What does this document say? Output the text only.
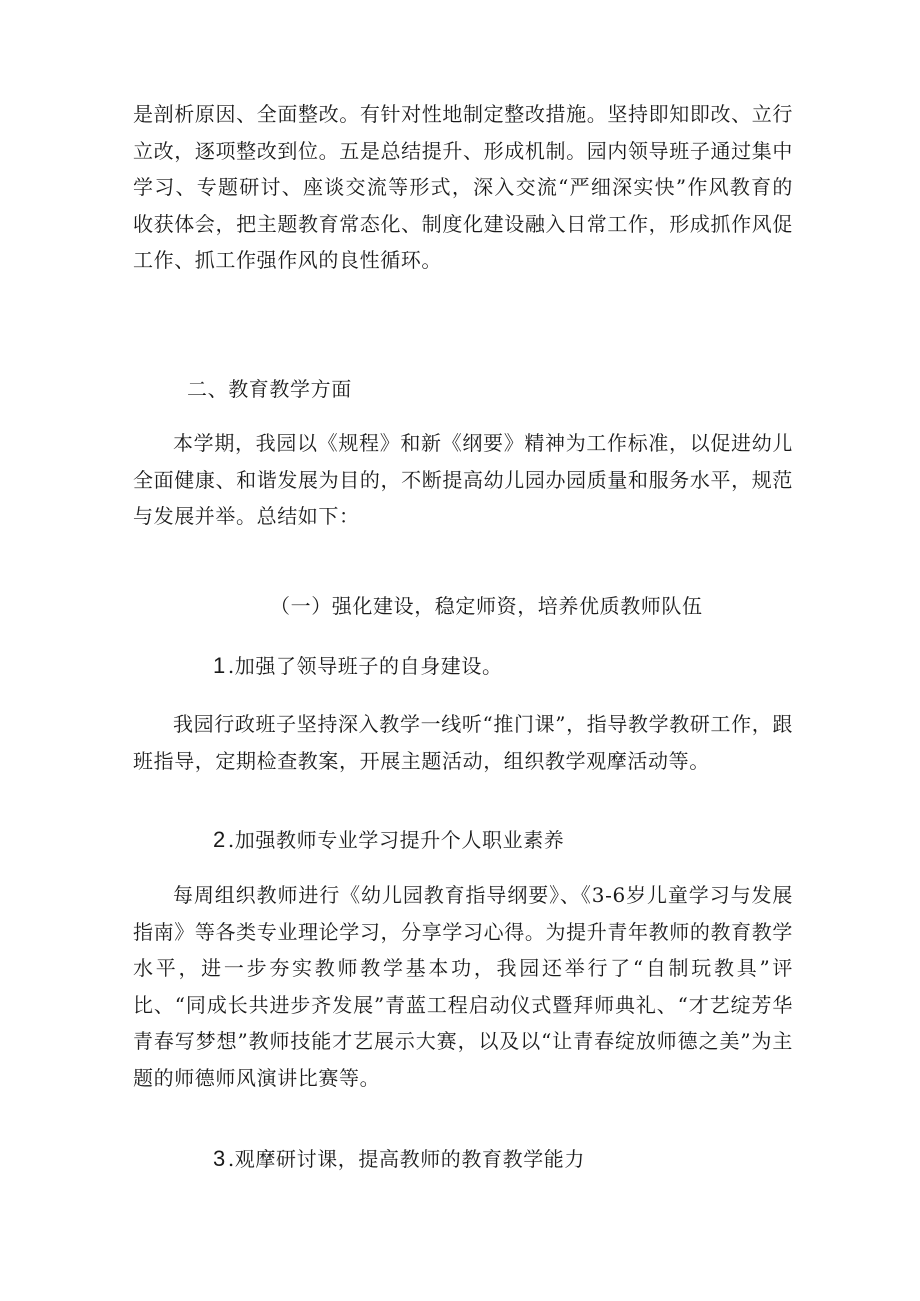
是剖析原因、全面整改。有针对性地制定整改措施。坚持即知即改、立行立改，逐项整改到位。五是总结提升、形成机制。园内领导班子通过集中学习、专题研讨、座谈交流等形式，深入交流“严细深实快”作风教育的收获体会，把主题教育常态化、制度化建设融入日常工作，形成抓作风促工作、抓工作强作风的良性循环。

二、教育教学方面

本学期，我园以《规程》和新《纲要》精神为工作标准，以促进幼儿全面健康、和谐发展为目的，不断提高幼儿园办园质量和服务水平，规范与发展并举。总结如下：

（一）强化建设，稳定师资，培养优质教师队伍
1 .加强了领导班子的自身建设。

我园行政班子坚持深入教学一线听“推门课”，指导教学教研工作，跟班指导，定期检查教案，开展主题活动，组织教学观摩活动等。

2 .加强教师专业学习提升个人职业素养

每周组织教师进行《幼儿园教育指导纲要》、《3-6岁儿童学习与发展指南》等各类专业理论学习，分享学习心得。为提升青年教师的教育教学水平，进一步夯实教师教学基本功，我园还举行了“自制玩教具”评比、“同成长共进步齐发展”青蓝工程启动仪式暨拜师典礼、“才艺绽芳华青春写梦想”教师技能才艺展示大赛，以及以“让青春绽放师德之美”为主题的师德师风演讲比赛等。

3 .观摩研讨课，提高教师的教育教学能力
